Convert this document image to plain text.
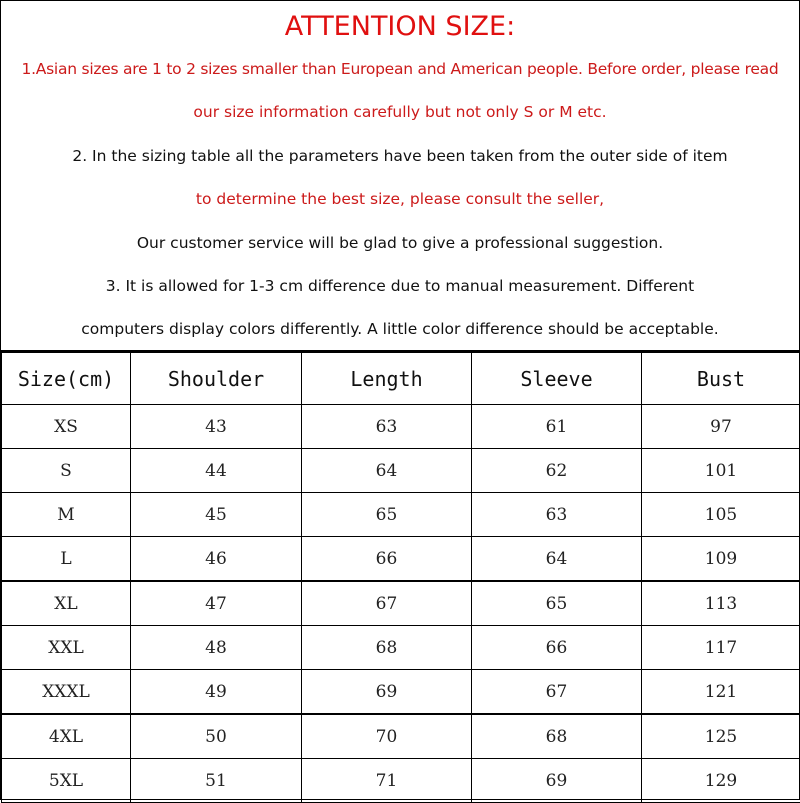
ATTENTION SIZE:
1.Asian sizes are 1 to 2 sizes smaller than European and American people. Before order, please read
our size information carefully but not only S or M etc.
2. In the sizing table all the parameters have been taken from the outer side of item
to determine the best size, please consult the seller,
Our customer service will be glad to give a professional suggestion.
3. It is allowed for 1-3 cm difference due to manual measurement. Different
computers display colors differently. A little color difference should be acceptable.
Size(cm)	Shoulder	Length	Sleeve	Bust
XS	43	63	61	97
S	44	64	62	101
M	45	65	63	105
L	46	66	64	109
XL	47	67	65	113
XXL	48	68	66	117
XXXL	49	69	67	121
4XL	50	70	68	125
5XL	51	71	69	129
